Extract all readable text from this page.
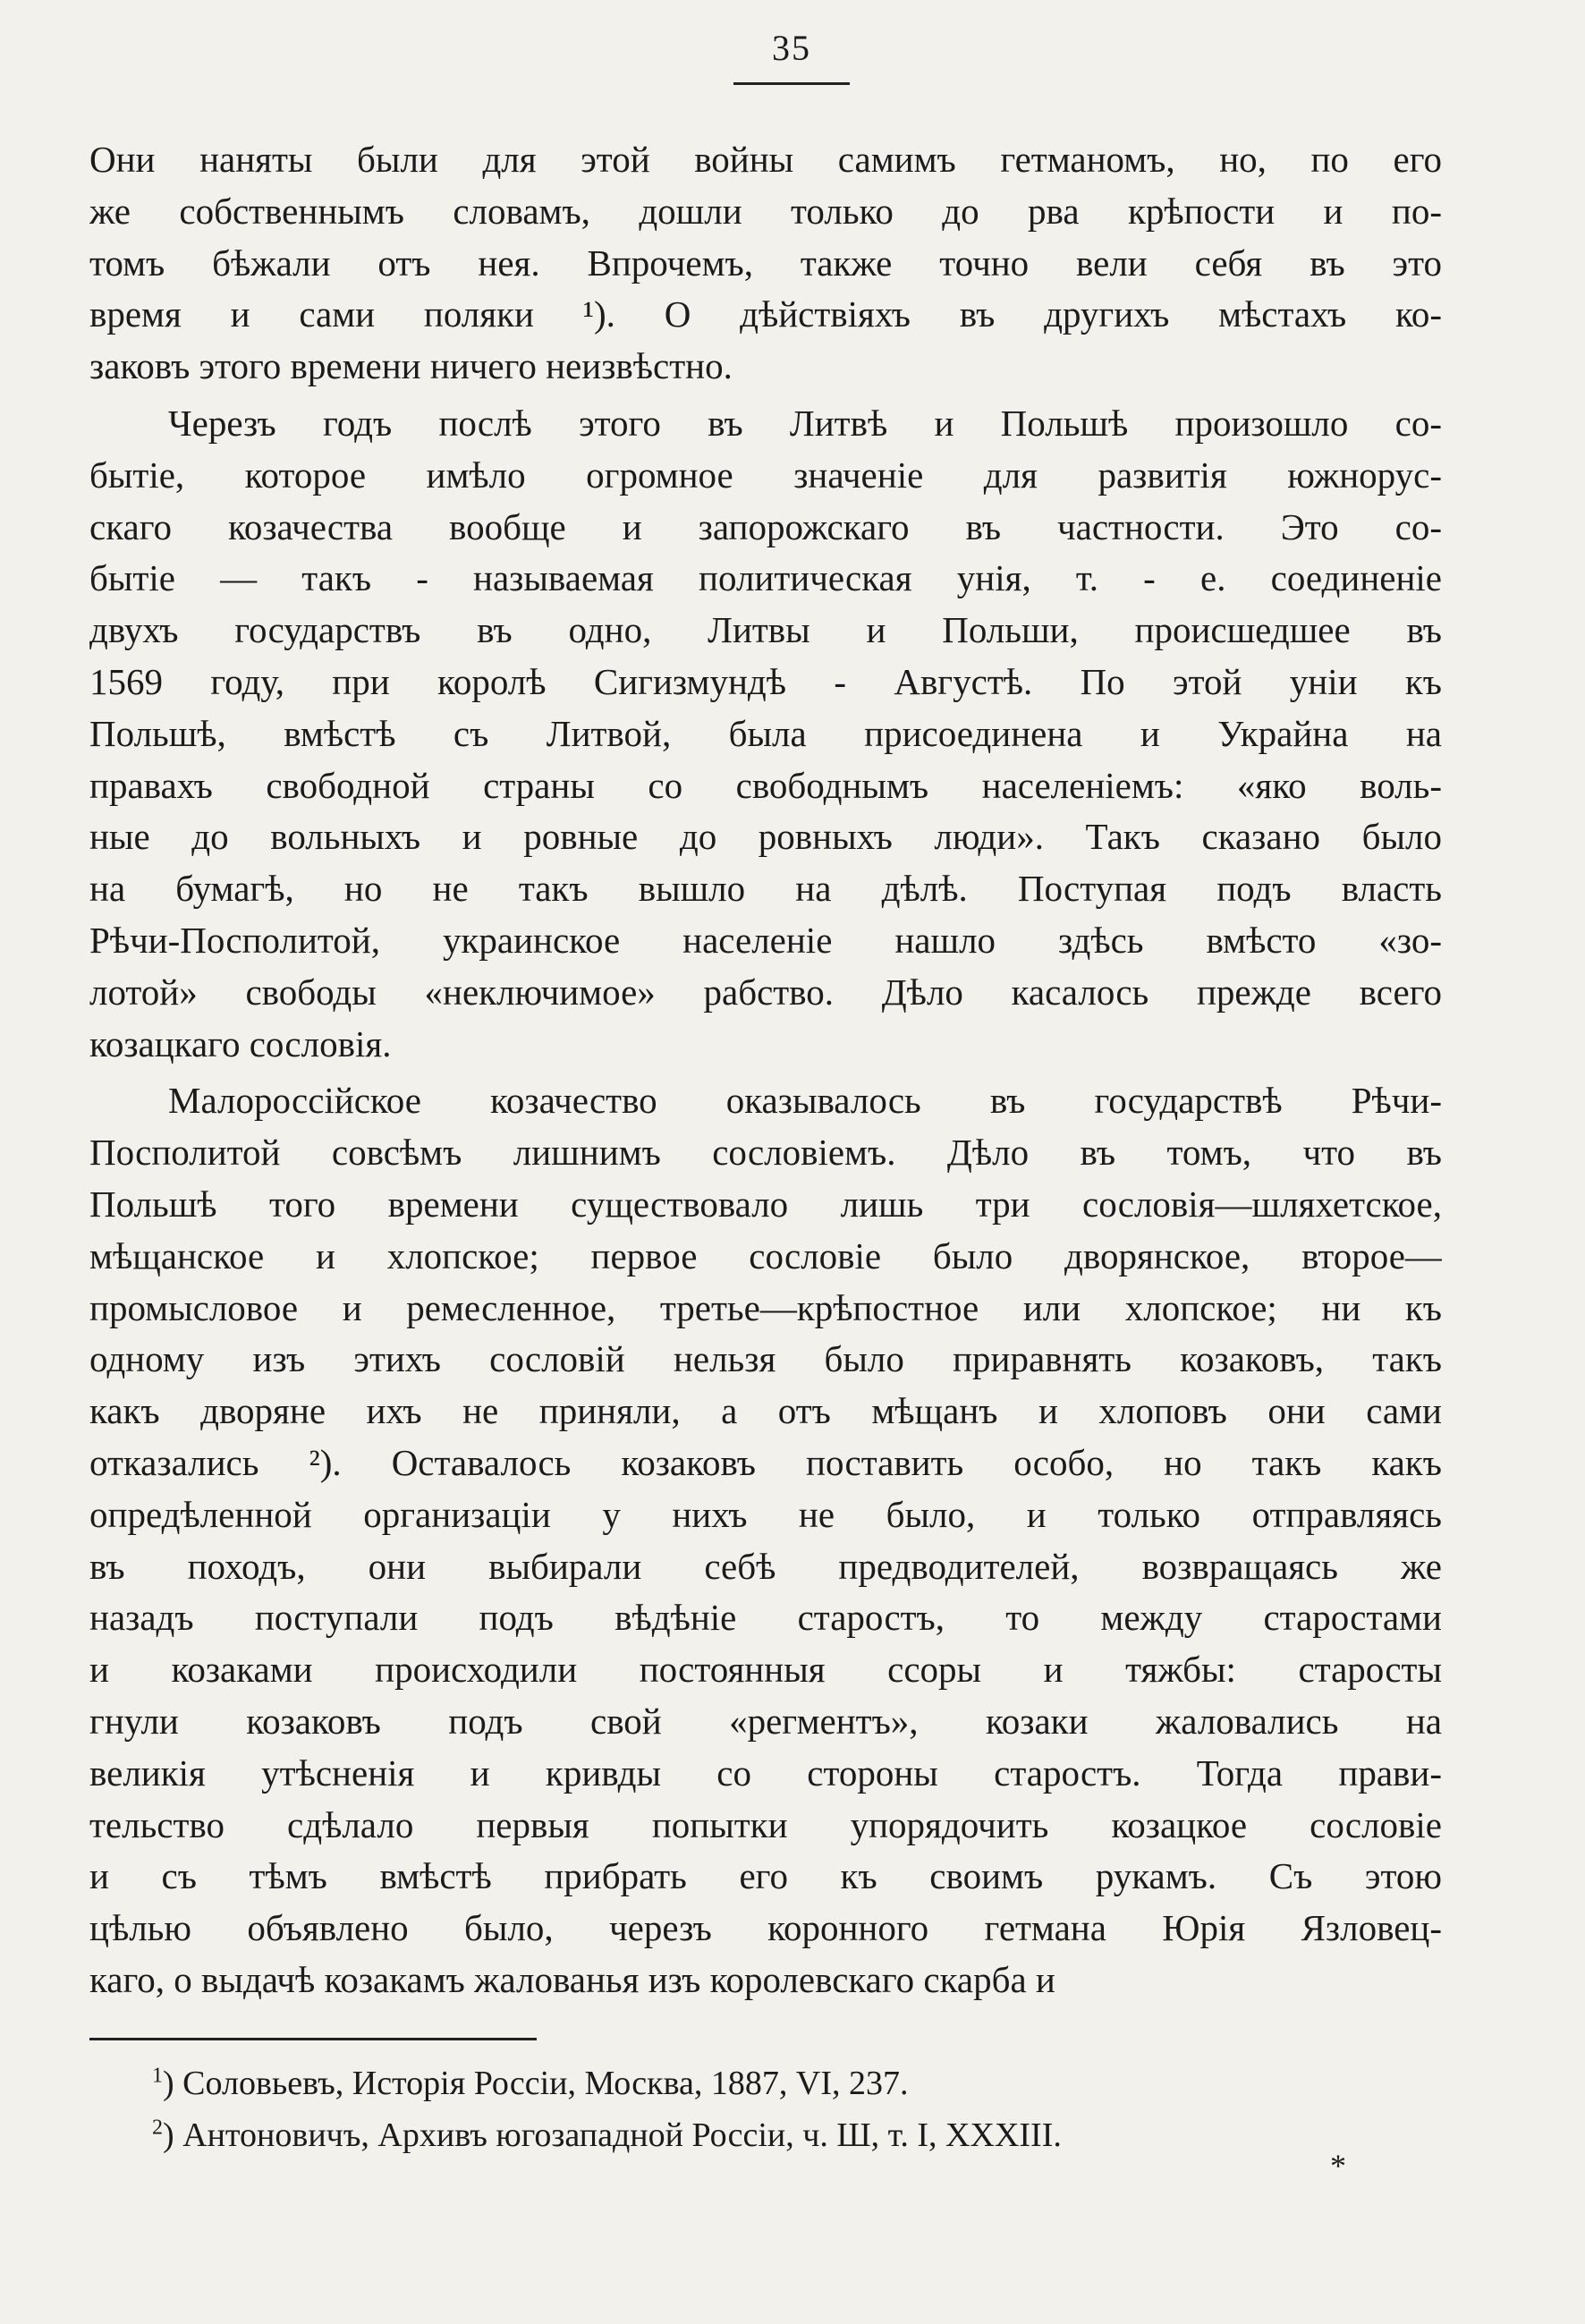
35
Они наняты были для этой войны самимъ гетманомъ, но, по его
же собственнымъ словамъ, дошли только до рва крѣпости и по-
томъ бѣжали отъ нея. Впрочемъ, также точно вели себя въ это
время и сами поляки ¹). О дѣйствіяхъ въ другихъ мѣстахъ ко-
заковъ этого времени ничего неизвѣстно.
Черезъ годъ послѣ этого въ Литвѣ и Польшѣ произошло со-
бытіе, которое имѣло огромное значеніе для развитія южнорус-
скаго козачества вообще и запорожскаго въ частности. Это со-
бытіе — такъ - называемая политическая унія, т. - е. соединеніе
двухъ государствъ въ одно, Литвы и Польши, происшедшее въ
1569 году, при королѣ Сигизмундѣ - Августѣ. По этой уніи къ
Польшѣ, вмѣстѣ съ Литвой, была присоединена и Украйна на
правахъ свободной страны со свободнымъ населеніемъ: «яко воль-
ные до вольныхъ и ровные до ровныхъ люди». Такъ сказано было
на бумагѣ, но не такъ вышло на дѣлѣ. Поступая подъ власть
Рѣчи-Посполитой, украинское населеніе нашло здѣсь вмѣсто «зо-
лотой» свободы «неключимое» рабство. Дѣло касалось прежде всего
козацкаго сословія.
Малороссійское козачество оказывалось въ государствѣ Рѣчи-
Посполитой совсѣмъ лишнимъ сословіемъ. Дѣло въ томъ, что въ
Польшѣ того времени существовало лишь три сословія—шляхетское,
мѣщанское и хлопское; первое сословіе было дворянское, второе—
промысловое и ремесленное, третье—крѣпостное или хлопское; ни къ
одному изъ этихъ сословій нельзя было приравнять козаковъ, такъ
какъ дворяне ихъ не приняли, а отъ мѣщанъ и хлоповъ они сами
отказались ²). Оставалось козаковъ поставить особо, но такъ какъ
опредѣленной организаціи у нихъ не было, и только отправляясь
въ походъ, они выбирали себѣ предводителей, возвращаясь же
назадъ поступали подъ вѣдѣніе старостъ, то между старостами
и козаками происходили постоянныя ссоры и тяжбы: старосты
гнули козаковъ подъ свой «регментъ», козаки жаловались на
великія утѣсненія и кривды со стороны старостъ. Тогда прави-
тельство сдѣлало первыя попытки упорядочить козацкое сословіе
и съ тѣмъ вмѣстѣ прибрать его къ своимъ рукамъ. Съ этою
цѣлью объявлено было, черезъ коронного гетмана Юрія Язловец-
каго, о выдачѣ козакамъ жалованья изъ королевскаго скарба и
$^1$) Соловьевъ, Исторія Россіи, Москва, 1887, VI, 237.
$^2$) Антоновичъ, Архивъ югозападной Россіи, ч. Ш, т. I, XXXIII.
*
